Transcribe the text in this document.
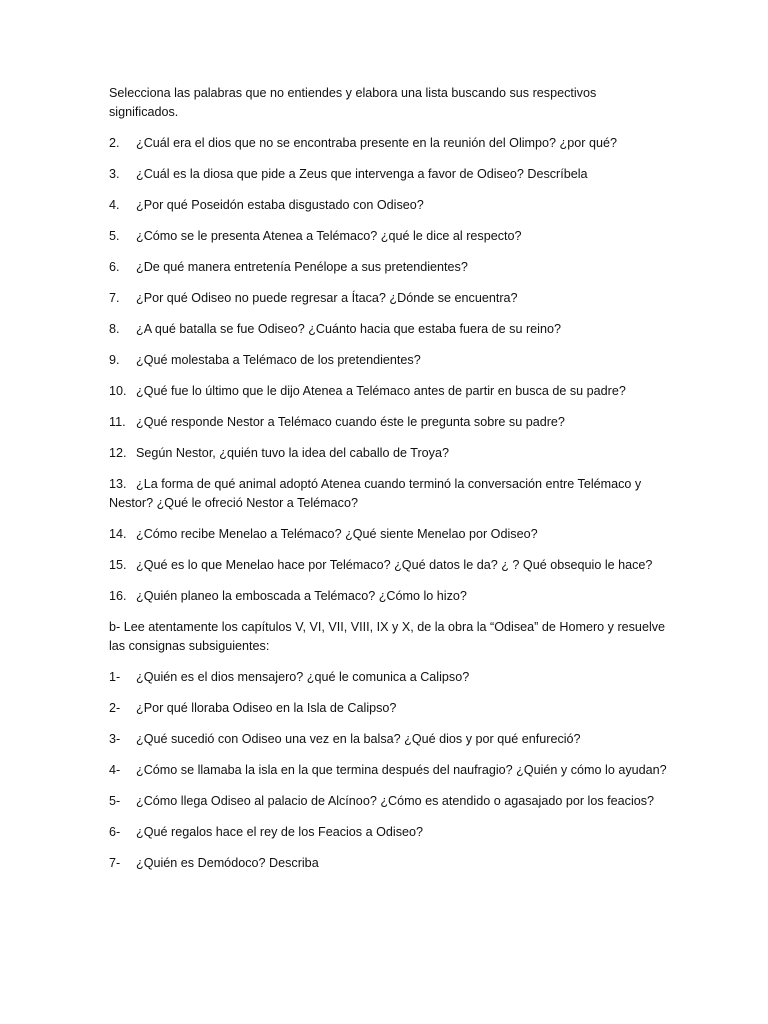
Selecciona las palabras que no entiendes y elabora una lista buscando sus respectivos significados.

2.	¿Cuál era el dios que no se encontraba presente en la reunión del Olimpo? ¿por qué?
3.	¿Cuál es la diosa que pide a Zeus que intervenga a favor de Odiseo? Descríbela
4.	¿Por qué Poseidón estaba disgustado con Odiseo?
5.	¿Cómo se le presenta Atenea a Telémaco? ¿qué le dice al respecto?
6.	¿De qué manera entretenía Penélope a sus pretendientes?
7.	¿Por qué Odiseo no puede regresar a Ítaca? ¿Dónde se encuentra?
8.	¿A qué batalla se fue Odiseo? ¿Cuánto hacia que estaba fuera de su reino?
9.	¿Qué molestaba a Telémaco de los pretendientes?
10. ¿Qué fue lo último que le dijo Atenea a Telémaco antes de partir en busca de su padre?
11. ¿Qué responde Nestor a Telémaco cuando éste le pregunta sobre su padre?
12. Según Nestor, ¿quién tuvo la idea del caballo de Troya?
13. ¿La forma de qué animal adoptó Atenea cuando terminó la conversación entre Telémaco y Nestor? ¿Qué le ofreció Nestor a Telémaco?
14. ¿Cómo recibe Menelao a Telémaco? ¿Qué siente Menelao por Odiseo?
15. ¿Qué es lo que Menelao hace por Telémaco? ¿Qué datos le da? ¿ ? Qué obsequio le hace?
16. ¿Quién planeo la emboscada a Telémaco? ¿Cómo lo hizo?

b- Lee atentamente los capítulos V, VI, VII, VIII, IX y X, de la obra la “Odisea” de Homero y resuelve las consignas subsiguientes:

1-	¿Quién es el dios mensajero? ¿qué le comunica a Calipso?
2-	¿Por qué lloraba Odiseo en la Isla de Calipso?
3-	¿Qué sucedió con Odiseo una vez en la balsa? ¿Qué dios y por qué enfureció?
4- ¿Cómo se llamaba la isla en la que termina después del naufragio? ¿Quién y cómo lo ayudan?
5- ¿Cómo llega Odiseo al palacio de Alcínoo? ¿Cómo es atendido o agasajado por los feacios?
6-	¿Qué regalos hace el rey de los Feacios a Odiseo?
7-	¿Quién es Demódoco? Describa
